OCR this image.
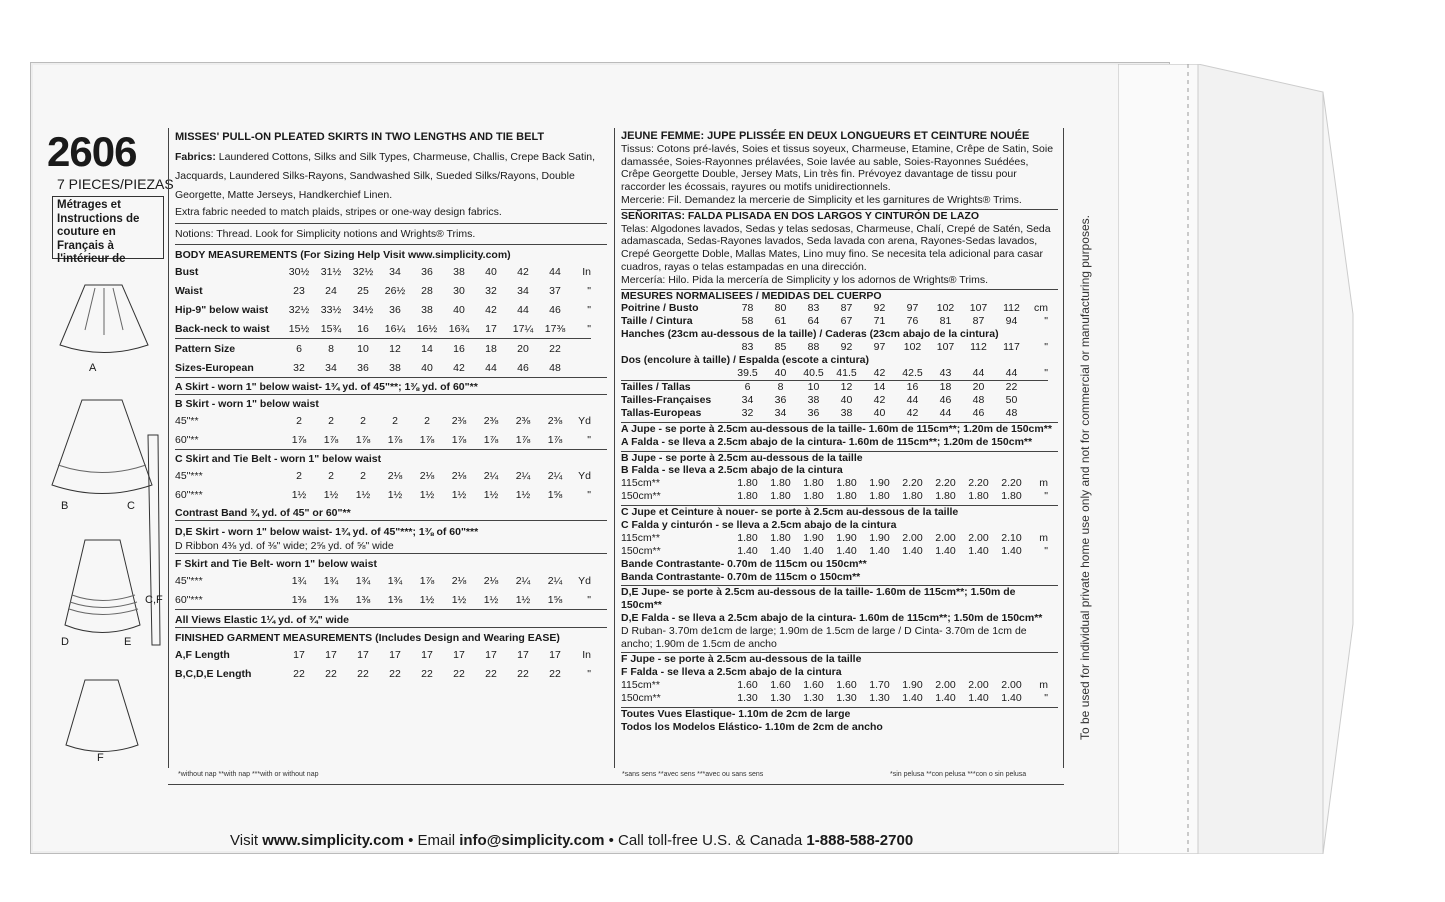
2606
7 PIECES/PIEZAS
Métrages et
Instructions de
couture en Français à
l'intérieur de
A
B	C
D	E
C,F
F
MISSES' PULL-ON PLEATED SKIRTS IN TWO LENGTHS AND TIE BELT
Fabrics: Laundered Cottons, Silks and Silk Types, Charmeuse, Challis, Crepe Back Satin, Jacquards, Laundered Silks-Rayons, Sandwashed Silk, Sueded Silks/Rayons, Double Georgette, Matte Jerseys, Handkerchief Linen.
Extra fabric needed to match plaids, stripes or one-way design fabrics.
Notions: Thread. Look for Simplicity notions and Wrights® Trims.
BODY MEASUREMENTS (For Sizing Help Visit www.simplicity.com)
Bust	30½	31½	32½	34	36	38	40	42	44	In
Waist	23	24	25	26½	28	30	32	34	37	"
Hip-9" below waist	32½	33½	34½	36	38	40	42	44	46	"
Back-neck to waist	15½	15¾	16	16¼	16½	16¾	17	17¼	17⅜	"
Pattern Size	6	8	10	12	14	16	18	20	22	
Sizes-European	32	34	36	38	40	42	44	46	48	
A Skirt - worn 1" below waist- 1¾ yd. of 45"**; 1⅜ yd. of 60"**
B Skirt - worn 1" below waist
45"**	2	2	2	2	2	2⅜	2⅜	2⅜	2⅜	Yd
60"**	1⅞	1⅞	1⅞	1⅞	1⅞	1⅞	1⅞	1⅞	1⅞	"
C Skirt and Tie Belt - worn 1" below waist
45"***	2	2	2	2⅛	2⅛	2⅛	2¼	2¼	2¼	Yd
60"***	1½	1½	1½	1½	1½	1½	1½	1½	1⅝	"
Contrast Band ¾ yd. of 45" or 60"**
D,E Skirt - worn 1" below waist- 1¾ yd. of 45"***; 1⅜ of 60"***
D Ribbon 4⅜ yd. of ⅜" wide; 2⅝ yd. of ⅝" wide
F Skirt and Tie Belt- worn 1" below waist
45"***	1¾	1¾	1¾	1¾	1⅞	2⅛	2⅛	2¼	2¼	Yd
60"***	1⅜	1⅜	1⅜	1⅜	1½	1½	1½	1½	1⅝	"
All Views Elastic 1¼ yd. of ¾" wide
FINISHED GARMENT MEASUREMENTS (Includes Design and Wearing EASE)
A,F Length	17	17	17	17	17	17	17	17	17	In
B,C,D,E Length	22	22	22	22	22	22	22	22	22	"
*without nap **with nap ***with or without nap
JEUNE FEMME: JUPE PLISSÉE EN DEUX LONGUEURS ET CEINTURE NOUÉE
Tissus: Cotons pré-lavés, Soies et tissus soyeux, Charmeuse, Etamine, Crêpe de Satin, Soie damassée, Soies-Rayonnes prélavées, Soie lavée au sable, Soies-Rayonnes Suédées, Crêpe Georgette Double, Jersey Mats, Lin très fin. Prévoyez davantage de tissu pour raccorder les écossais, rayures ou motifs unidirectionnels.
Mercerie: Fil. Demandez la mercerie de Simplicity et les garnitures de Wrights® Trims.
SEÑORITAS: FALDA PLISADA EN DOS LARGOS Y CINTURÓN DE LAZO
Telas: Algodones lavados, Sedas y telas sedosas, Charmeuse, Chalí, Crepé de Satén, Seda adamascada, Sedas-Rayones lavados, Seda lavada con arena, Rayones-Sedas lavados, Crepé Georgette Doble, Mallas Mates, Lino muy fino. Se necesita tela adicional para casar cuadros, rayas o telas estampadas en una dirección.
Mercería: Hilo. Pida la mercería de Simplicity y los adornos de Wrights® Trims.
MESURES NORMALISEES / MEDIDAS DEL CUERPO
Poitrine / Busto	78	80	83	87	92	97	102	107	112	cm
Taille / Cintura	58	61	64	67	71	76	81	87	94	"
Hanches (23cm au-dessous de la taille) / Caderas (23cm abajo de la cintura)
	83	85	88	92	97	102	107	112	117	"
Dos (encolure à taille) / Espalda (escote a cintura)
	39.5	40	40.5	41.5	42	42.5	43	44	44	"
Tailles / Tallas	6	8	10	12	14	16	18	20	22	
Tailles-Françaises	34	36	38	40	42	44	46	48	50	
Tallas-Europeas	32	34	36	38	40	42	44	46	48	
A Jupe - se porte à 2.5cm au-dessous de la taille- 1.60m de 115cm**; 1.20m de 150cm**
A Falda - se lleva a 2.5cm abajo de la cintura- 1.60m de 115cm**; 1.20m de 150cm**
B Jupe - se porte à 2.5cm au-dessous de la taille
B Falda - se lleva a 2.5cm abajo de la cintura
115cm**	1.80	1.80	1.80	1.80	1.90	2.20	2.20	2.20	2.20	m
150cm**	1.80	1.80	1.80	1.80	1.80	1.80	1.80	1.80	1.80	"
C Jupe et Ceinture à nouer- se porte à 2.5cm au-dessous de la taille
C Falda y cinturón - se lleva a 2.5cm abajo de la cintura
115cm**	1.80	1.80	1.90	1.90	1.90	2.00	2.00	2.00	2.10	m
150cm**	1.40	1.40	1.40	1.40	1.40	1.40	1.40	1.40	1.40	"
Bande Contrastante- 0.70m de 115cm ou 150cm**
Banda Contrastante- 0.70m de 115cm o 150cm**
D,E Jupe- se porte à 2.5cm au-dessous de la taille- 1.60m de 115cm**; 1.50m de 150cm**
D,E Falda - se lleva a 2.5cm abajo de la cintura- 1.60m de 115cm**; 1.50m de 150cm**
D Ruban- 3.70m de1cm de large; 1.90m de 1.5cm de large / D Cinta- 3.70m de 1cm de ancho; 1.90m de 1.5cm de ancho
F Jupe - se porte à 2.5cm au-dessous de la taille
F Falda - se lleva a 2.5cm abajo de la cintura
115cm**	1.60	1.60	1.60	1.60	1.70	1.90	2.00	2.00	2.00	m
150cm**	1.30	1.30	1.30	1.30	1.30	1.40	1.40	1.40	1.40	"
Toutes Vues Elastique- 1.10m de 2cm de large
Todos los Modelos Elástico- 1.10m de 2cm de ancho
*sans sens **avec sens ***avec ou sans sens	*sin pelusa **con pelusa ***con o sin pelusa
Visit www.simplicity.com • Email info@simplicity.com • Call toll-free U.S. & Canada 1-888-588-2700
To be used for individual private home use only and not for commercial or manufacturing purposes.
